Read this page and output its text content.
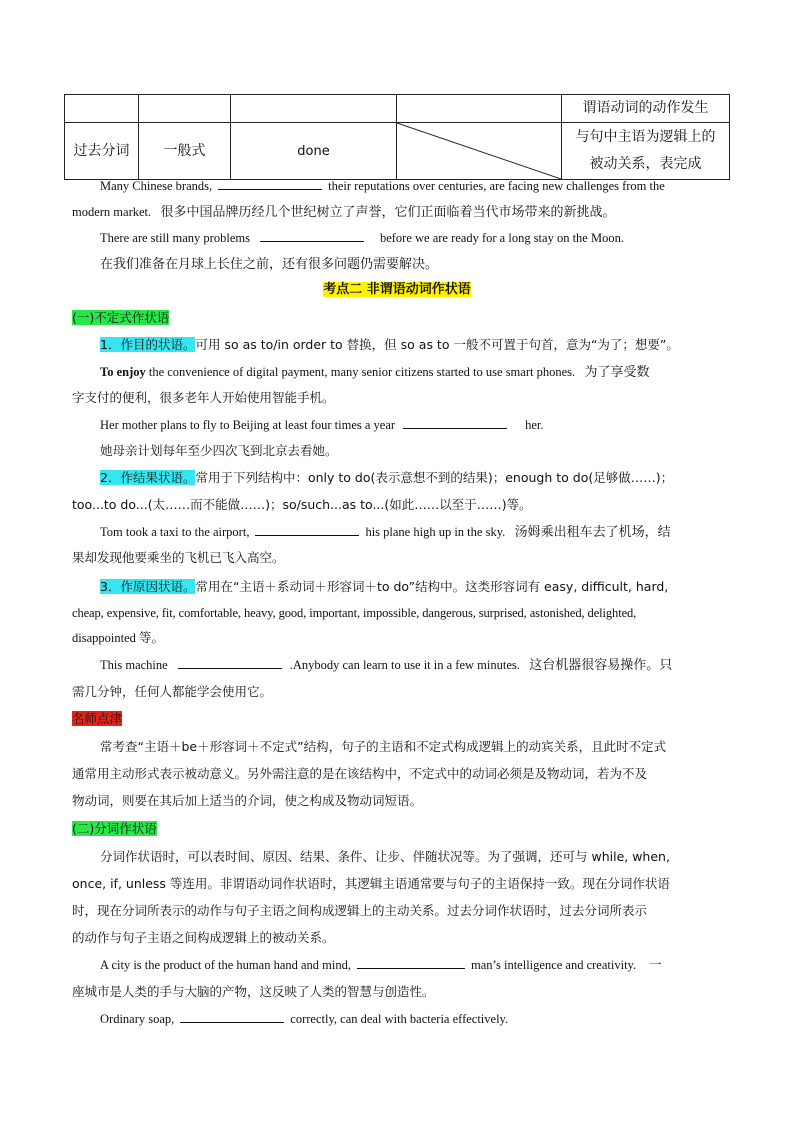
				谓语动词的动作发生
过去分词	一般式	done		与句中主语为逻辑上的
被动关系，表完成
Many Chinese brands,	their reputations over centuries, are facing new challenges from the
modern market. 很多中国品牌历经几个世纪树立了声誉，它们正面临着当代市场带来的新挑战。
There are still many problems	before we are ready for a long stay on the Moon.
在我们准备在月球上长住之前，还有很多问题仍需要解决。
考点二 非谓语动词作状语
(一)不定式作状语
1．作目的状语。可用 so as to/in order to 替换，但 so as to 一般不可置于句首，意为“为了；想要”。
To enjoy the convenience of digital payment, many senior citizens started to use smart phones. 为了享受数
字支付的便利，很多老年人开始使用智能手机。
Her mother plans to fly to Beijing at least four times a year	her.
她母亲计划每年至少四次飞到北京去看她。
2．作结果状语。常用于下列结构中：only to do(表示意想不到的结果)；enough to do(足够做……)；
too...to do...(太……而不能做……)；so/such...as to...(如此……以至于……)等。
Tom took a taxi to the airport,	his plane high up in the sky. 汤姆乘出租车去了机场，结
果却发现他要乘坐的飞机已飞入高空。
3．作原因状语。常用在“主语＋系动词＋形容词＋to do”结构中。这类形容词有 easy, difficult, hard,
cheap, expensive, fit, comfortable, heavy, good, important, impossible, dangerous, surprised, astonished, delighted,
disappointed 等。
This machine	.Anybody can learn to use it in a few minutes. 这台机器很容易操作。只
需几分钟，任何人都能学会使用它。
名师点津
常考查“主语＋be＋形容词＋不定式”结构，句子的主语和不定式构成逻辑上的动宾关系，且此时不定式
通常用主动形式表示被动意义。另外需注意的是在该结构中，不定式中的动词必须是及物动词，若为不及
物动词，则要在其后加上适当的介词，使之构成及物动词短语。
(二)分词作状语
分词作状语时，可以表时间、原因、结果、条件、让步、伴随状况等。为了强调，还可与 while, when,
once, if, unless 等连用。非谓语动词作状语时，其逻辑主语通常要与句子的主语保持一致。现在分词作状语
时，现在分词所表示的动作与句子主语之间构成逻辑上的主动关系。过去分词作状语时，过去分词所表示
的动作与句子主语之间构成逻辑上的被动关系。
A city is the product of the human hand and mind,	man’s intelligence and creativity. 一
座城市是人类的手与大脑的产物，这反映了人类的智慧与创造性。
Ordinary soap,	correctly, can deal with bacteria effectively.
